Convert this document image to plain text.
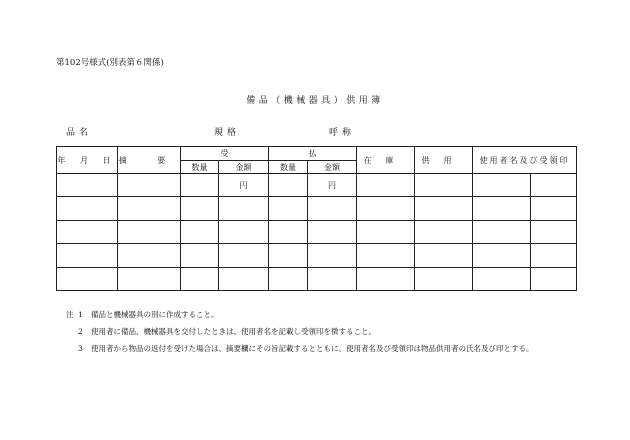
第102号様式(別表第６関係)
備品（機械器具）供用簿
品名	規格	呼称
年 月 日	摘 要	受		払		在庫	供用	使用者名及び受領印	
		数量	金額	数量	金額				
			円		円				

注 1	備品と機械器具の別に作成すること。
2	使用者に備品、機械器具を交付したときは、使用者名を記載し受領印を徴すること。
3	使用者から物品の返付を受けた場合は、摘要欄にその旨記載するとともに、使用者名及び受領印は物品供用者の氏名及び印とする。
